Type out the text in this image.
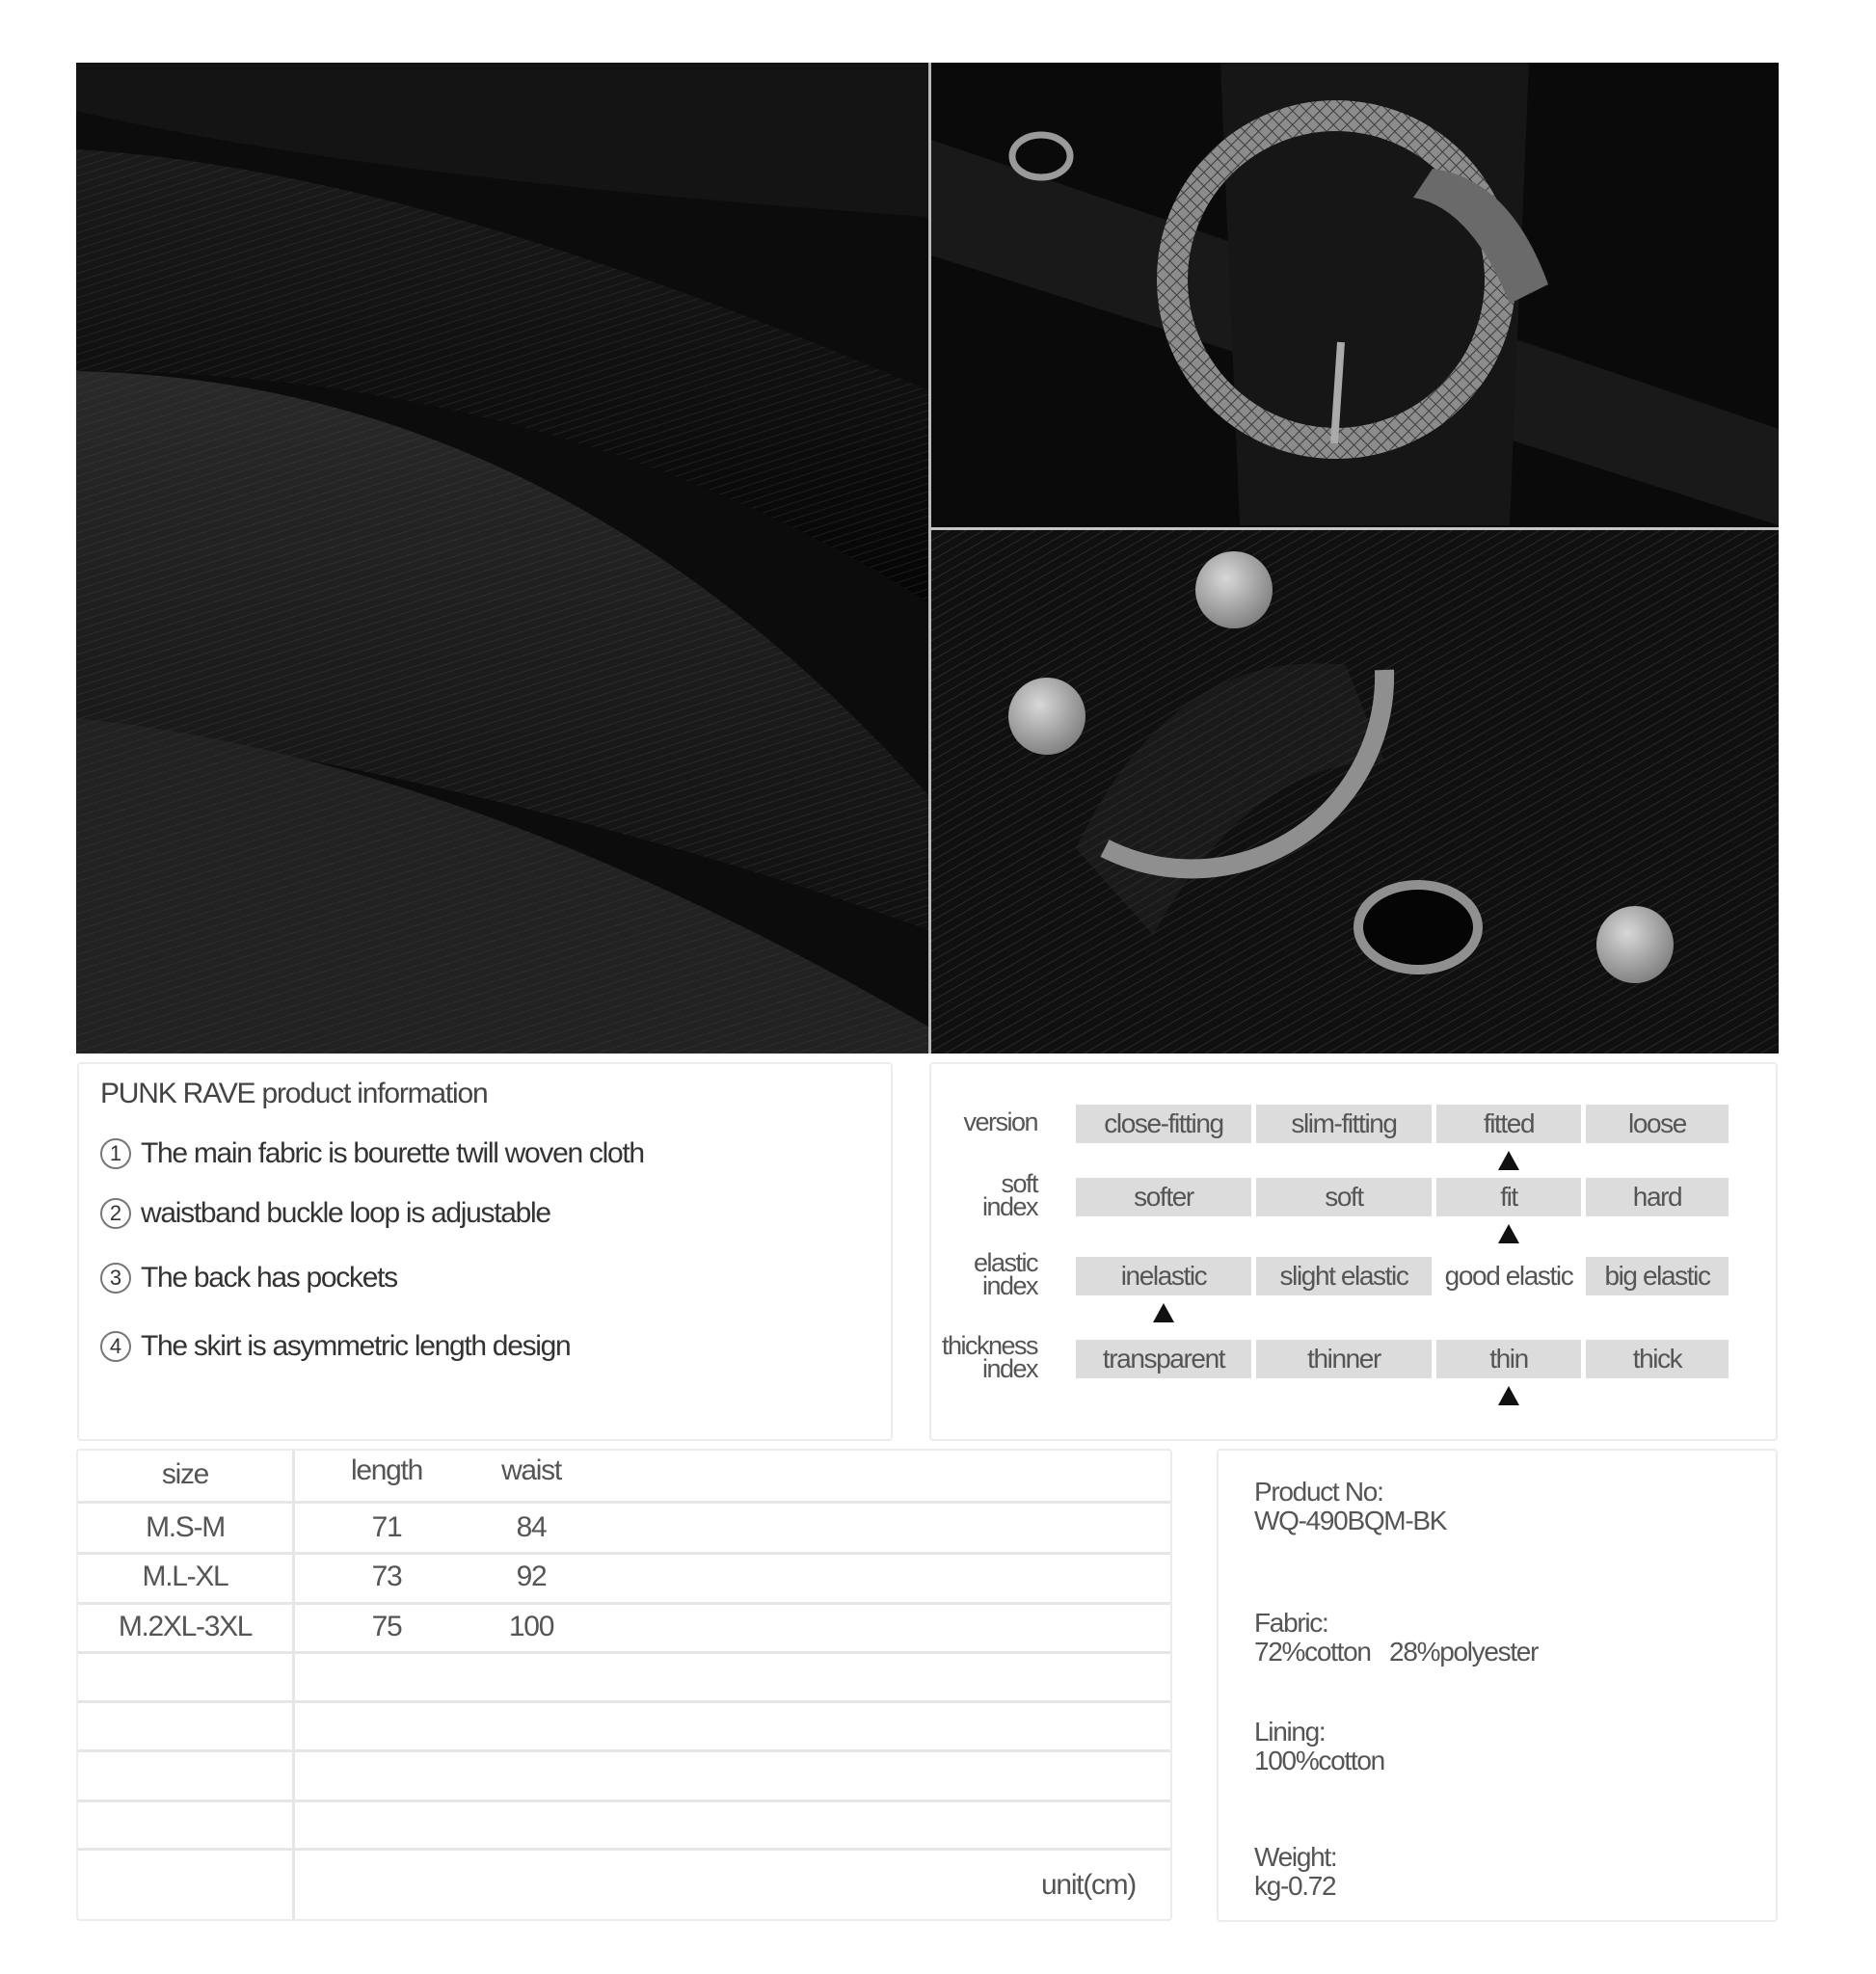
PUNK RAVE product information
1 The main fabric is bourette twill woven cloth
2 waistband buckle loop is adjustable
3 The back has pockets
4 The skirt is asymmetric length design
version	close-fitting	slim-fitting	fitted	loose
soft
index	softer	soft	fit	hard
elastic
index	inelastic	slight elastic	good elastic	big elastic
thickness
index	transparent	thinner	thin	thick
size	length	waist
M.S-M	71	84
M.L-XL	73	92
M.2XL-3XL	75	100
unit(cm)
Product No:
WQ-490BQM-BK
Fabric:
72%cotton   28%polyester
Lining:
100%cotton
Weight:
kg-0.72
